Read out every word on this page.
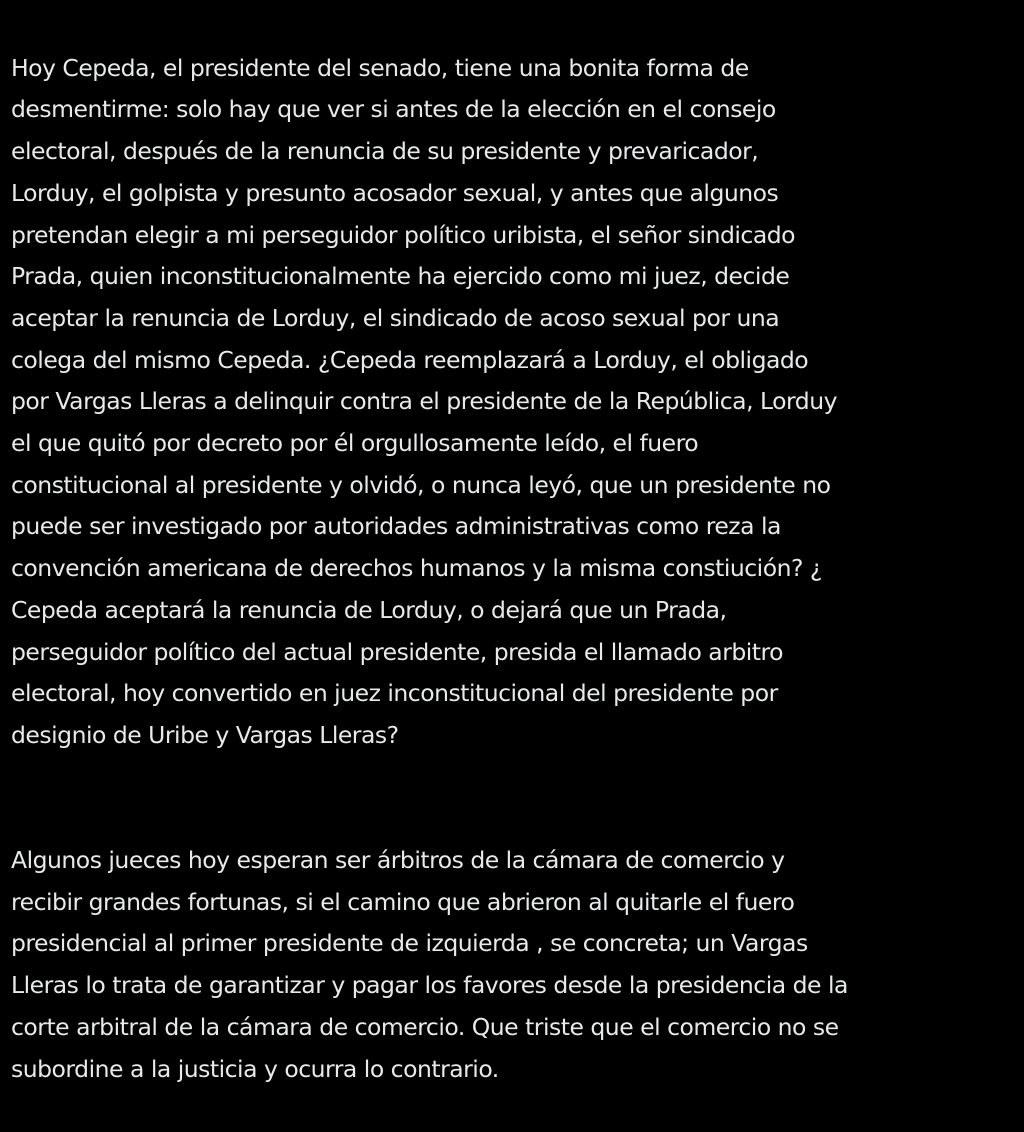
Hoy Cepeda, el presidente del senado, tiene una bonita forma de
desmentirme: solo hay que ver si antes de la elección en el consejo
electoral, después de la renuncia de su presidente y prevaricador,
Lorduy, el golpista y presunto acosador sexual, y antes que algunos
pretendan elegir a mi perseguidor político uribista, el señor sindicado
Prada, quien inconstitucionalmente ha ejercido como mi juez, decide
aceptar la renuncia de Lorduy, el sindicado de acoso sexual por una
colega del mismo Cepeda. ¿Cepeda reemplazará a Lorduy, el obligado
por Vargas Lleras a delinquir contra el presidente de la República, Lorduy
el que quitó por decreto por él orgullosamente leído, el fuero
constitucional al presidente y olvidó, o nunca leyó, que un presidente no
puede ser investigado por autoridades administrativas como reza la
convención americana de derechos humanos y la misma constiución? ¿
Cepeda aceptará la renuncia de Lorduy, o dejará que un Prada,
perseguidor político del actual presidente, presida el llamado arbitro
electoral, hoy convertido en juez inconstitucional del presidente por
designio de Uribe y Vargas Lleras?

Algunos jueces hoy esperan ser árbitros de la cámara de comercio y
recibir grandes fortunas, si el camino que abrieron al quitarle el fuero
presidencial al primer presidente de izquierda , se concreta; un Vargas
Lleras lo trata de garantizar y pagar los favores desde la presidencia de la
corte arbitral de la cámara de comercio. Que triste que el comercio no se
subordine a la justicia y ocurra lo contrario.
